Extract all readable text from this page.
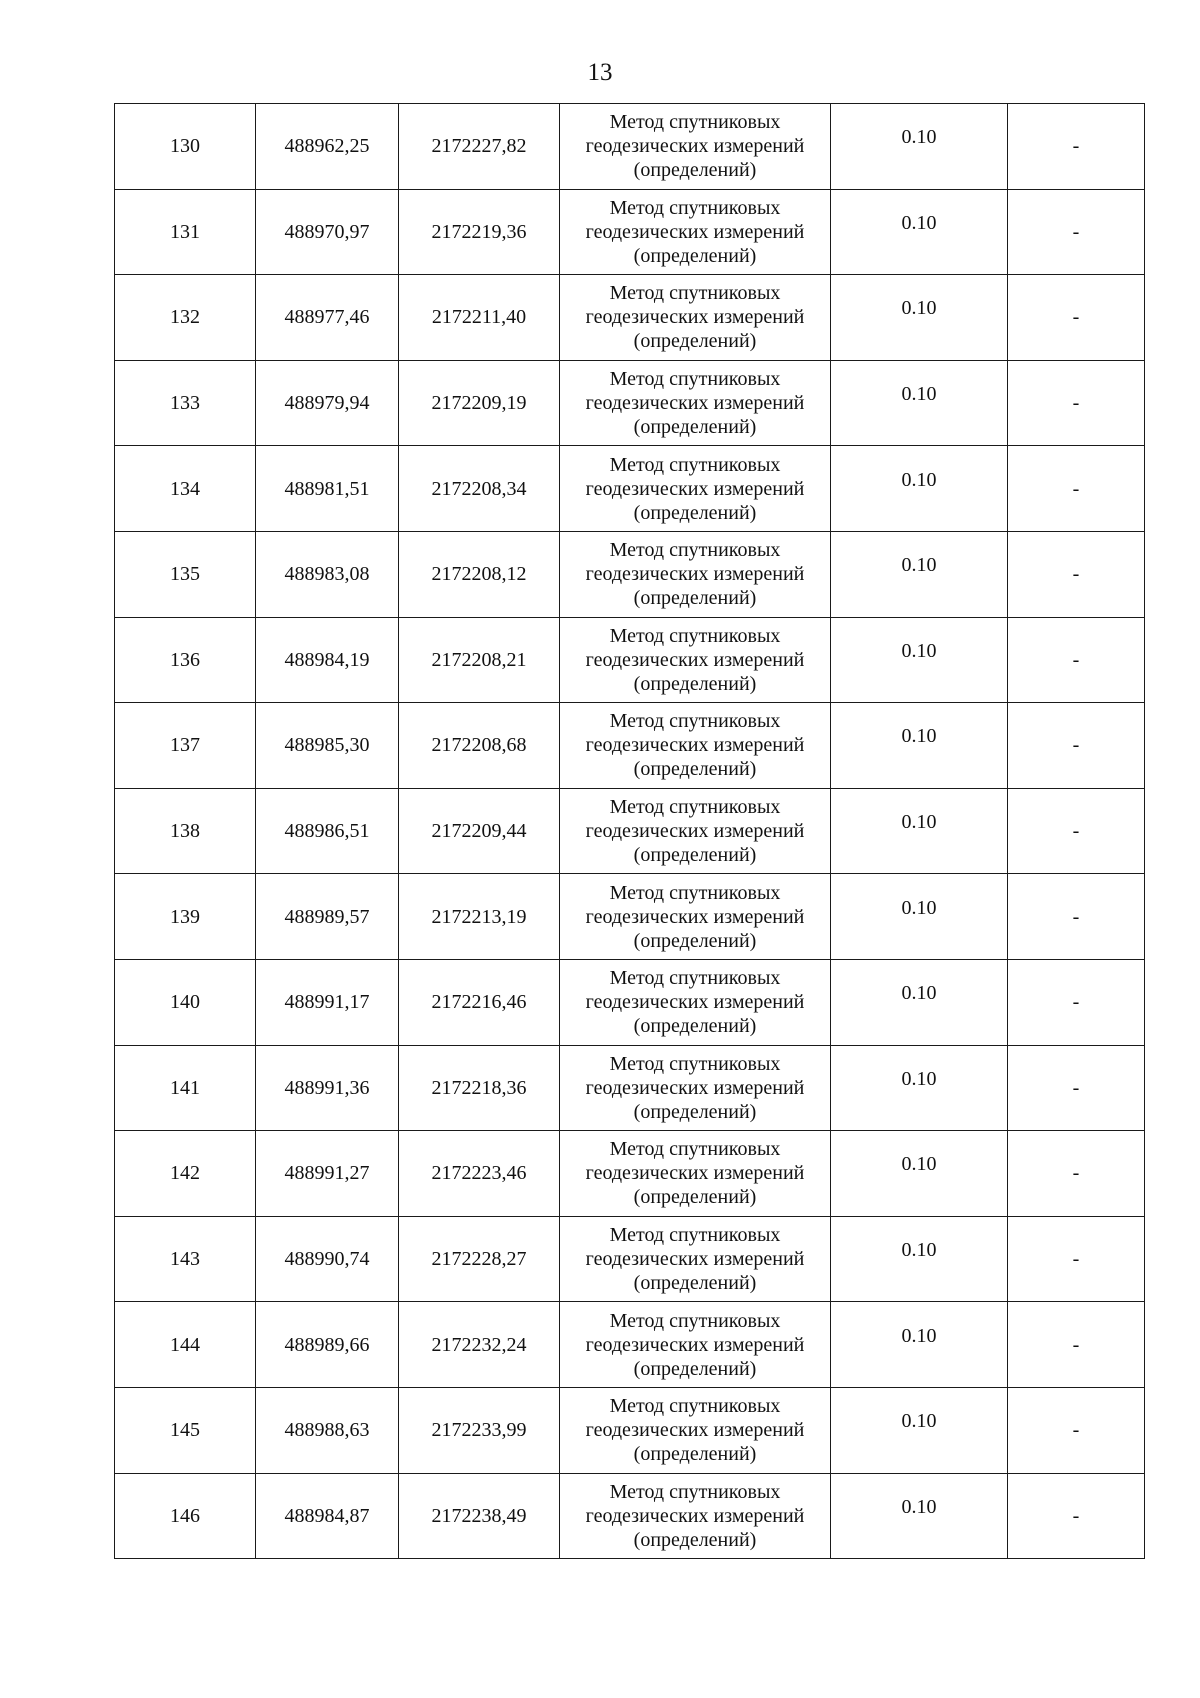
13
130	488962,25	2172227,82	Метод спутниковых
геодезических измерений
(определений)	0.10	-
131	488970,97	2172219,36	Метод спутниковых
геодезических измерений
(определений)	0.10	-
132	488977,46	2172211,40	Метод спутниковых
геодезических измерений
(определений)	0.10	-
133	488979,94	2172209,19	Метод спутниковых
геодезических измерений
(определений)	0.10	-
134	488981,51	2172208,34	Метод спутниковых
геодезических измерений
(определений)	0.10	-
135	488983,08	2172208,12	Метод спутниковых
геодезических измерений
(определений)	0.10	-
136	488984,19	2172208,21	Метод спутниковых
геодезических измерений
(определений)	0.10	-
137	488985,30	2172208,68	Метод спутниковых
геодезических измерений
(определений)	0.10	-
138	488986,51	2172209,44	Метод спутниковых
геодезических измерений
(определений)	0.10	-
139	488989,57	2172213,19	Метод спутниковых
геодезических измерений
(определений)	0.10	-
140	488991,17	2172216,46	Метод спутниковых
геодезических измерений
(определений)	0.10	-
141	488991,36	2172218,36	Метод спутниковых
геодезических измерений
(определений)	0.10	-
142	488991,27	2172223,46	Метод спутниковых
геодезических измерений
(определений)	0.10	-
143	488990,74	2172228,27	Метод спутниковых
геодезических измерений
(определений)	0.10	-
144	488989,66	2172232,24	Метод спутниковых
геодезических измерений
(определений)	0.10	-
145	488988,63	2172233,99	Метод спутниковых
геодезических измерений
(определений)	0.10	-
146	488984,87	2172238,49	Метод спутниковых
геодезических измерений
(определений)	0.10	-
